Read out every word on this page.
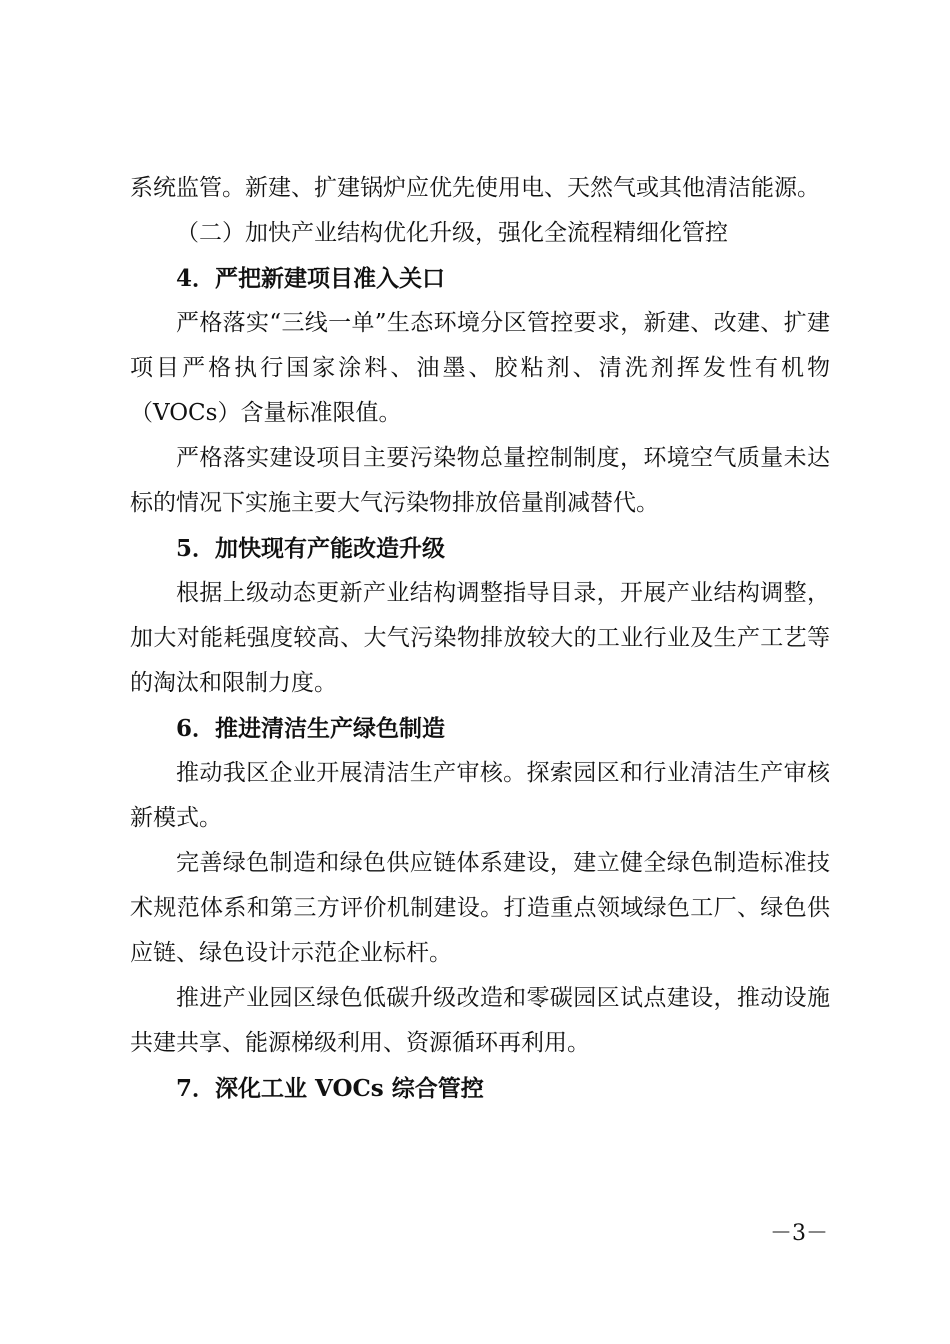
系统监管。新建、扩建锅炉应优先使用电、天然气或其他清洁能源。

（二）加快产业结构优化升级，强化全流程精细化管控

4．严把新建项目准入关口

严格落实“三线一单”生态环境分区管控要求，新建、改建、扩建项目严格执行国家涂料、油墨、胶粘剂、清洗剂挥发性有机物（VOCs）含量标准限值。

严格落实建设项目主要污染物总量控制制度，环境空气质量未达标的情况下实施主要大气污染物排放倍量削减替代。

5．加快现有产能改造升级

根据上级动态更新产业结构调整指导目录，开展产业结构调整，加大对能耗强度较高、大气污染物排放较大的工业行业及生产工艺等的淘汰和限制力度。

6．推进清洁生产绿色制造

推动我区企业开展清洁生产审核。探索园区和行业清洁生产审核新模式。

完善绿色制造和绿色供应链体系建设，建立健全绿色制造标准技术规范体系和第三方评价机制建设。打造重点领域绿色工厂、绿色供应链、绿色设计示范企业标杆。

推进产业园区绿色低碳升级改造和零碳园区试点建设，推动设施共建共享、能源梯级利用、资源循环再利用。

7．深化工业 VOCs 综合管控

－3－
